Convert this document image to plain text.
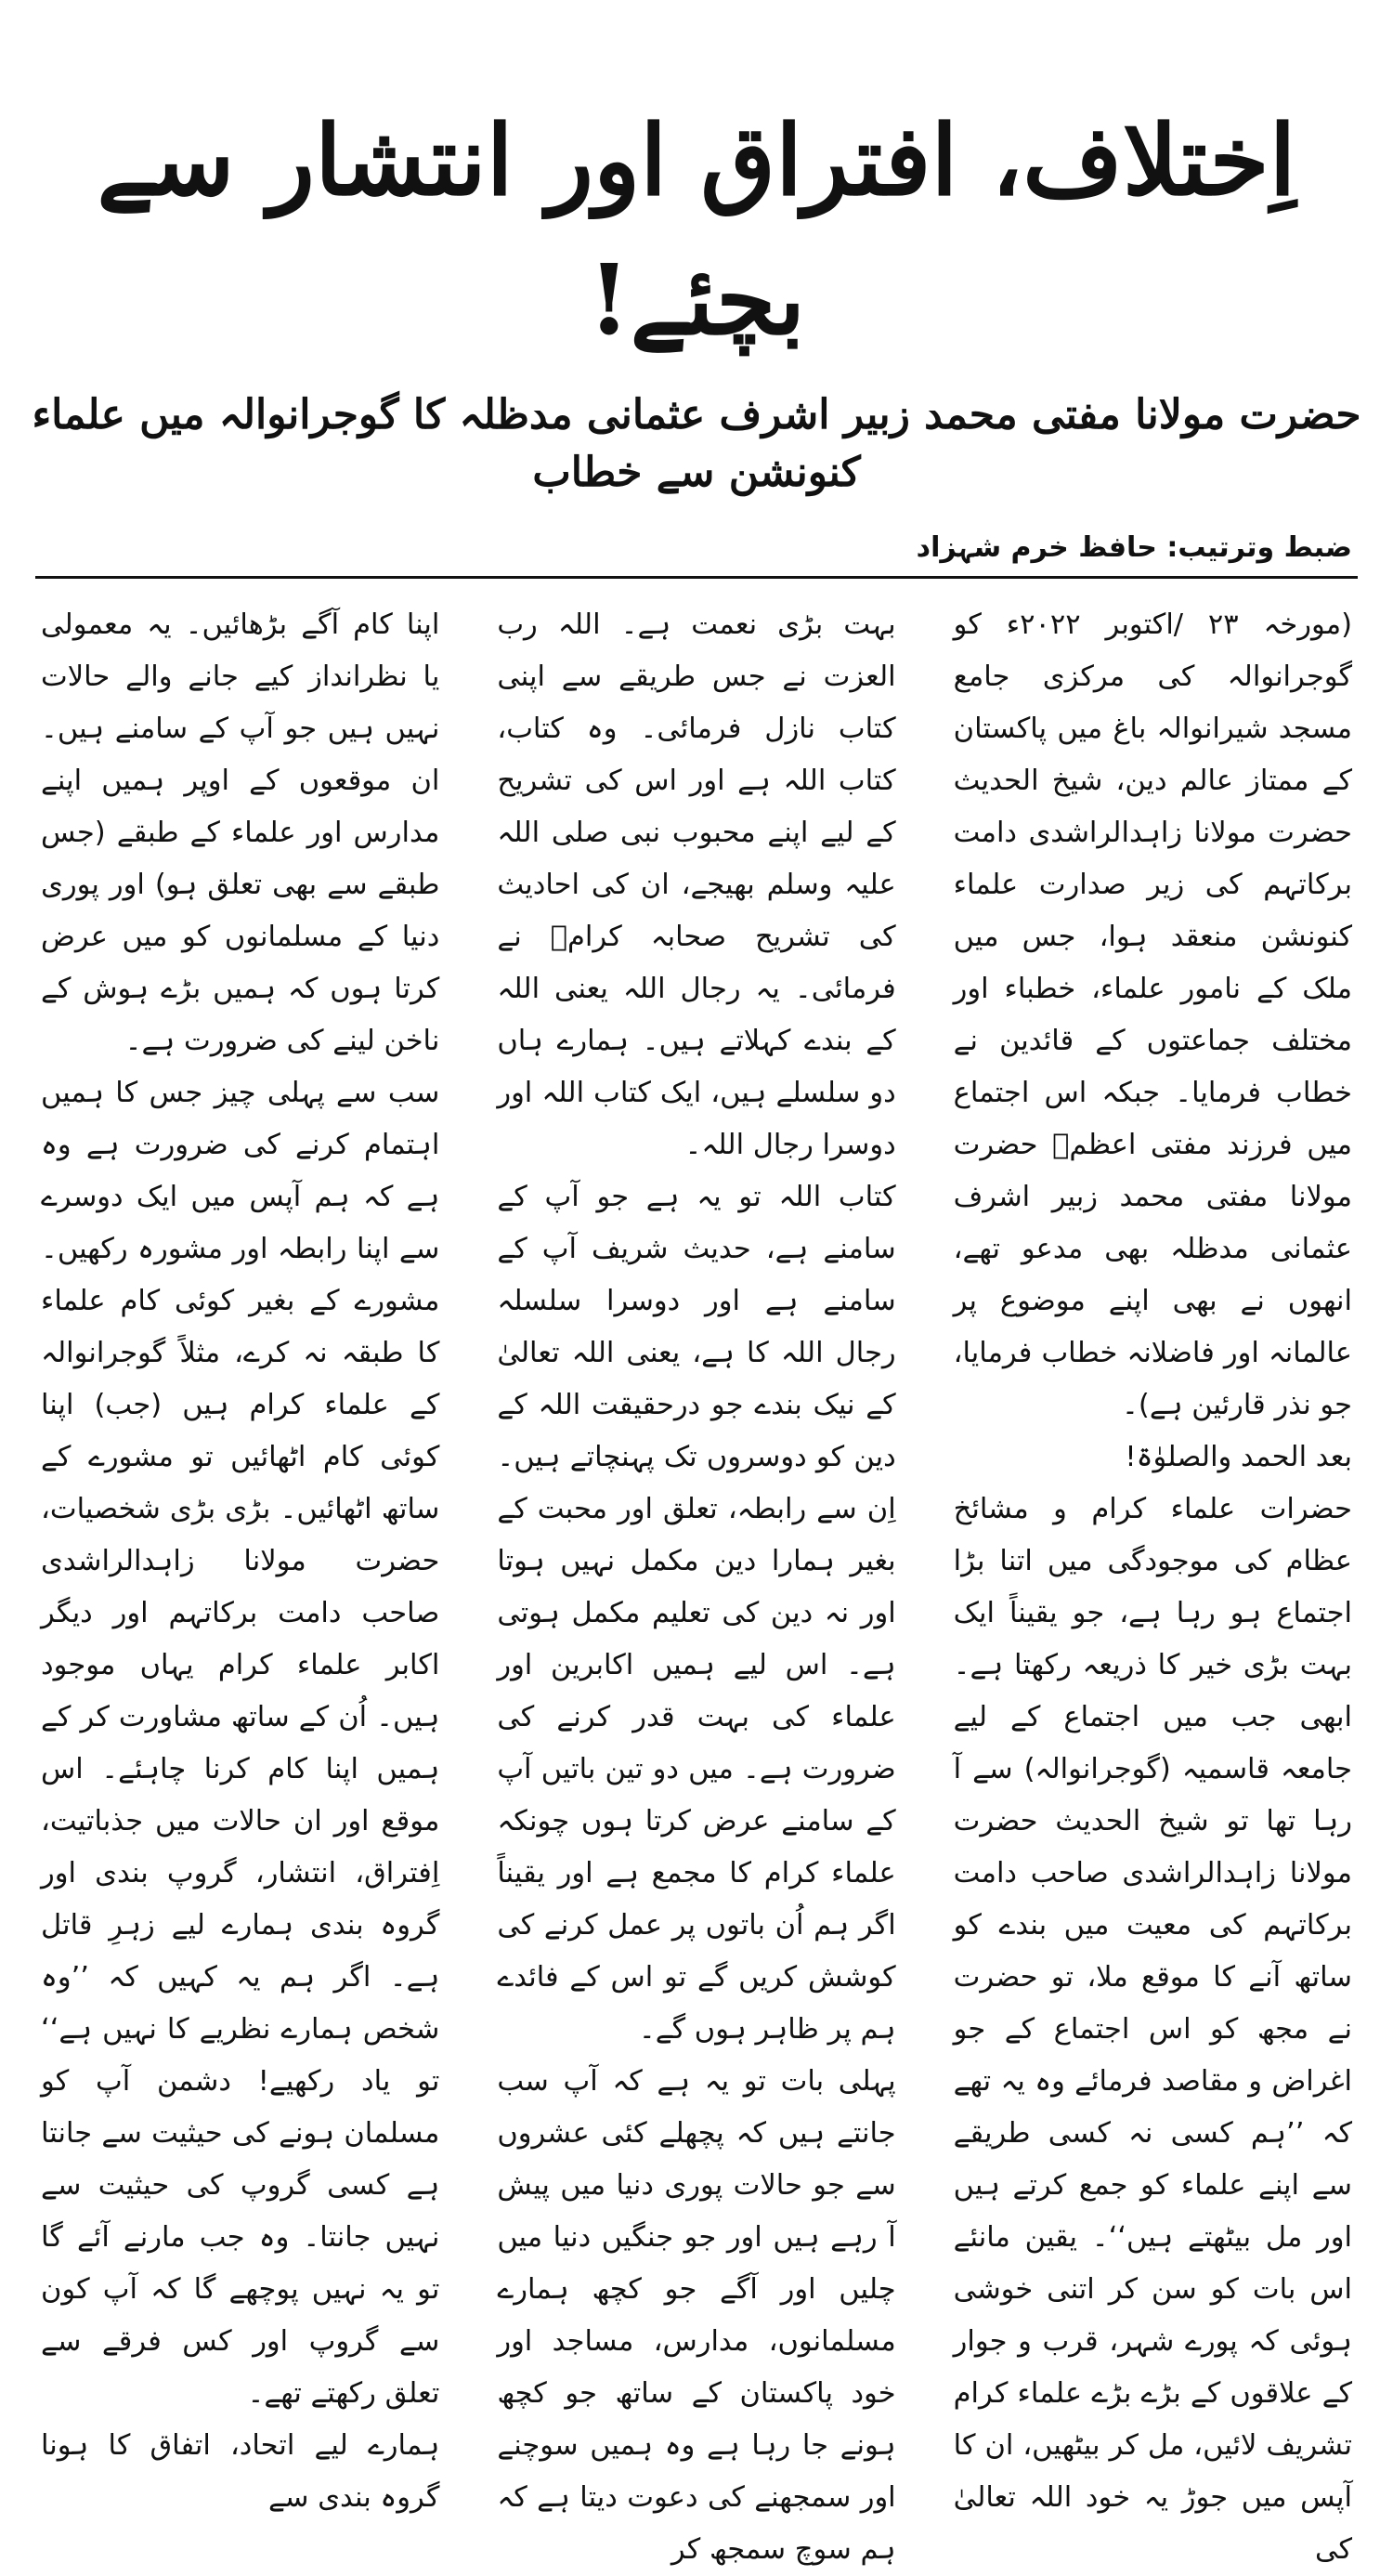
اِختلاف، افتراق اور انتشار سے بچئے!
حضرت مولانا مفتی محمد زبیر اشرف عثمانی مدظلہ کا گوجرانوالہ میں علماء کنونشن سے خطاب
ضبط وترتیب: حافظ خرم شہزاد

(مورخہ ۲۳ /اکتوبر ۲۰۲۲ء کو گوجرانوالہ کی مرکزی جامع مسجد شیرانوالہ باغ میں پاکستان کے ممتاز عالم دین، شیخ الحدیث حضرت مولانا زاہدالراشدی دامت برکاتہم کی زیر صدارت علماء کنونشن منعقد ہوا، جس میں ملک کے نامور علماء، خطباء اور مختلف جماعتوں کے قائدین نے خطاب فرمایا۔ جبکہ اس اجتماع میں فرزند مفتی اعظمؒ حضرت مولانا مفتی محمد زبیر اشرف عثمانی مدظلہ بھی مدعو تھے، انھوں نے بھی اپنے موضوع پر عالمانہ اور فاضلانہ خطاب فرمایا، جو نذر قارئین ہے)۔

بعد الحمد والصلوٰۃ!

حضرات علماء کرام و مشائخ عظام کی موجودگی میں اتنا بڑا اجتماع ہو رہا ہے، جو یقیناً ایک بہت بڑی خیر کا ذریعہ رکھتا ہے۔ ابھی جب میں اجتماع کے لیے جامعہ قاسمیہ (گوجرانوالہ) سے آ رہا تھا تو شیخ الحدیث حضرت مولانا زاہدالراشدی صاحب دامت برکاتہم کی معیت میں بندے کو ساتھ آنے کا موقع ملا، تو حضرت نے مجھ کو اس اجتماع کے جو اغراض و مقاصد فرمائے وہ یہ تھے کہ ’’ہم کسی نہ کسی طریقے سے اپنے علماء کو جمع کرتے ہیں اور مل بیٹھتے ہیں‘‘۔ یقین مانئے اس بات کو سن کر اتنی خوشی ہوئی کہ پورے شہر، قرب و جوار کے علاقوں کے بڑے بڑے علماء کرام تشریف لائیں، مل کر بیٹھیں، ان کا آپس میں جوڑ یہ خود اللہ تعالیٰ کی

بہت بڑی نعمت ہے۔ اللہ رب العزت نے جس طریقے سے اپنی کتاب نازل فرمائی۔ وہ کتاب، کتاب اللہ ہے اور اس کی تشریح کے لیے اپنے محبوب نبی صلی اللہ علیہ وسلم بھیجے، ان کی احادیث کی تشریح صحابہ کرامؓ نے فرمائی۔ یہ رجال اللہ یعنی اللہ کے بندے کہلاتے ہیں۔ ہمارے ہاں دو سلسلے ہیں، ایک کتاب اللہ اور دوسرا رجال اللہ۔

کتاب اللہ تو یہ ہے جو آپ کے سامنے ہے، حدیث شریف آپ کے سامنے ہے اور دوسرا سلسلہ رجال اللہ کا ہے، یعنی اللہ تعالیٰ کے نیک بندے جو درحقیقت اللہ کے دین کو دوسروں تک پہنچاتے ہیں۔ اِن سے رابطہ، تعلق اور محبت کے بغیر ہمارا دین مکمل نہیں ہوتا اور نہ دین کی تعلیم مکمل ہوتی ہے۔ اس لیے ہمیں اکابرین اور علماء کی بہت قدر کرنے کی ضرورت ہے۔ میں دو تین باتیں آپ کے سامنے عرض کرتا ہوں چونکہ علماء کرام کا مجمع ہے اور یقیناً اگر ہم اُن باتوں پر عمل کرنے کی کوشش کریں گے تو اس کے فائدے ہم پر ظاہر ہوں گے۔

پہلی بات تو یہ ہے کہ آپ سب جانتے ہیں کہ پچھلے کئی عشروں سے جو حالات پوری دنیا میں پیش آ رہے ہیں اور جو جنگیں دنیا میں چلیں اور آگے جو کچھ ہمارے مسلمانوں، مدارس، مساجد اور خود پاکستان کے ساتھ جو کچھ ہونے جا رہا ہے وہ ہمیں سوچنے اور سمجھنے کی دعوت دیتا ہے کہ ہم سوچ سمجھ کر

اپنا کام آگے بڑھائیں۔ یہ معمولی یا نظرانداز کیے جانے والے حالات نہیں ہیں جو آپ کے سامنے ہیں۔ ان موقعوں کے اوپر ہمیں اپنے مدارس اور علماء کے طبقے (جس طبقے سے بھی تعلق ہو) اور پوری دنیا کے مسلمانوں کو میں عرض کرتا ہوں کہ ہمیں بڑے ہوش کے ناخن لینے کی ضرورت ہے۔

سب سے پہلی چیز جس کا ہمیں اہتمام کرنے کی ضرورت ہے وہ ہے کہ ہم آپس میں ایک دوسرے سے اپنا رابطہ اور مشورہ رکھیں۔ مشورے کے بغیر کوئی کام علماء کا طبقہ نہ کرے، مثلاً گوجرانوالہ کے علماء کرام ہیں (جب) اپنا کوئی کام اٹھائیں تو مشورے کے ساتھ اٹھائیں۔ بڑی بڑی شخصیات، حضرت مولانا زاہدالراشدی صاحب دامت برکاتہم اور دیگر اکابر علماء کرام یہاں موجود ہیں۔ اُن کے ساتھ مشاورت کر کے ہمیں اپنا کام کرنا چاہئے۔ اس موقع اور ان حالات میں جذباتیت، اِفتراق، انتشار، گروپ بندی اور گروہ بندی ہمارے لیے زہرِ قاتل ہے۔ اگر ہم یہ کہیں کہ ’’وہ شخص ہمارے نظریے کا نہیں ہے‘‘ تو یاد رکھیے! دشمن آپ کو مسلمان ہونے کی حیثیت سے جانتا ہے کسی گروپ کی حیثیت سے نہیں جانتا۔ وہ جب مارنے آئے گا تو یہ نہیں پوچھے گا کہ آپ کون سے گروپ اور کس فرقے سے تعلق رکھتے تھے۔

ہمارے لیے اتحاد، اتفاق کا ہونا گروہ بندی سے
